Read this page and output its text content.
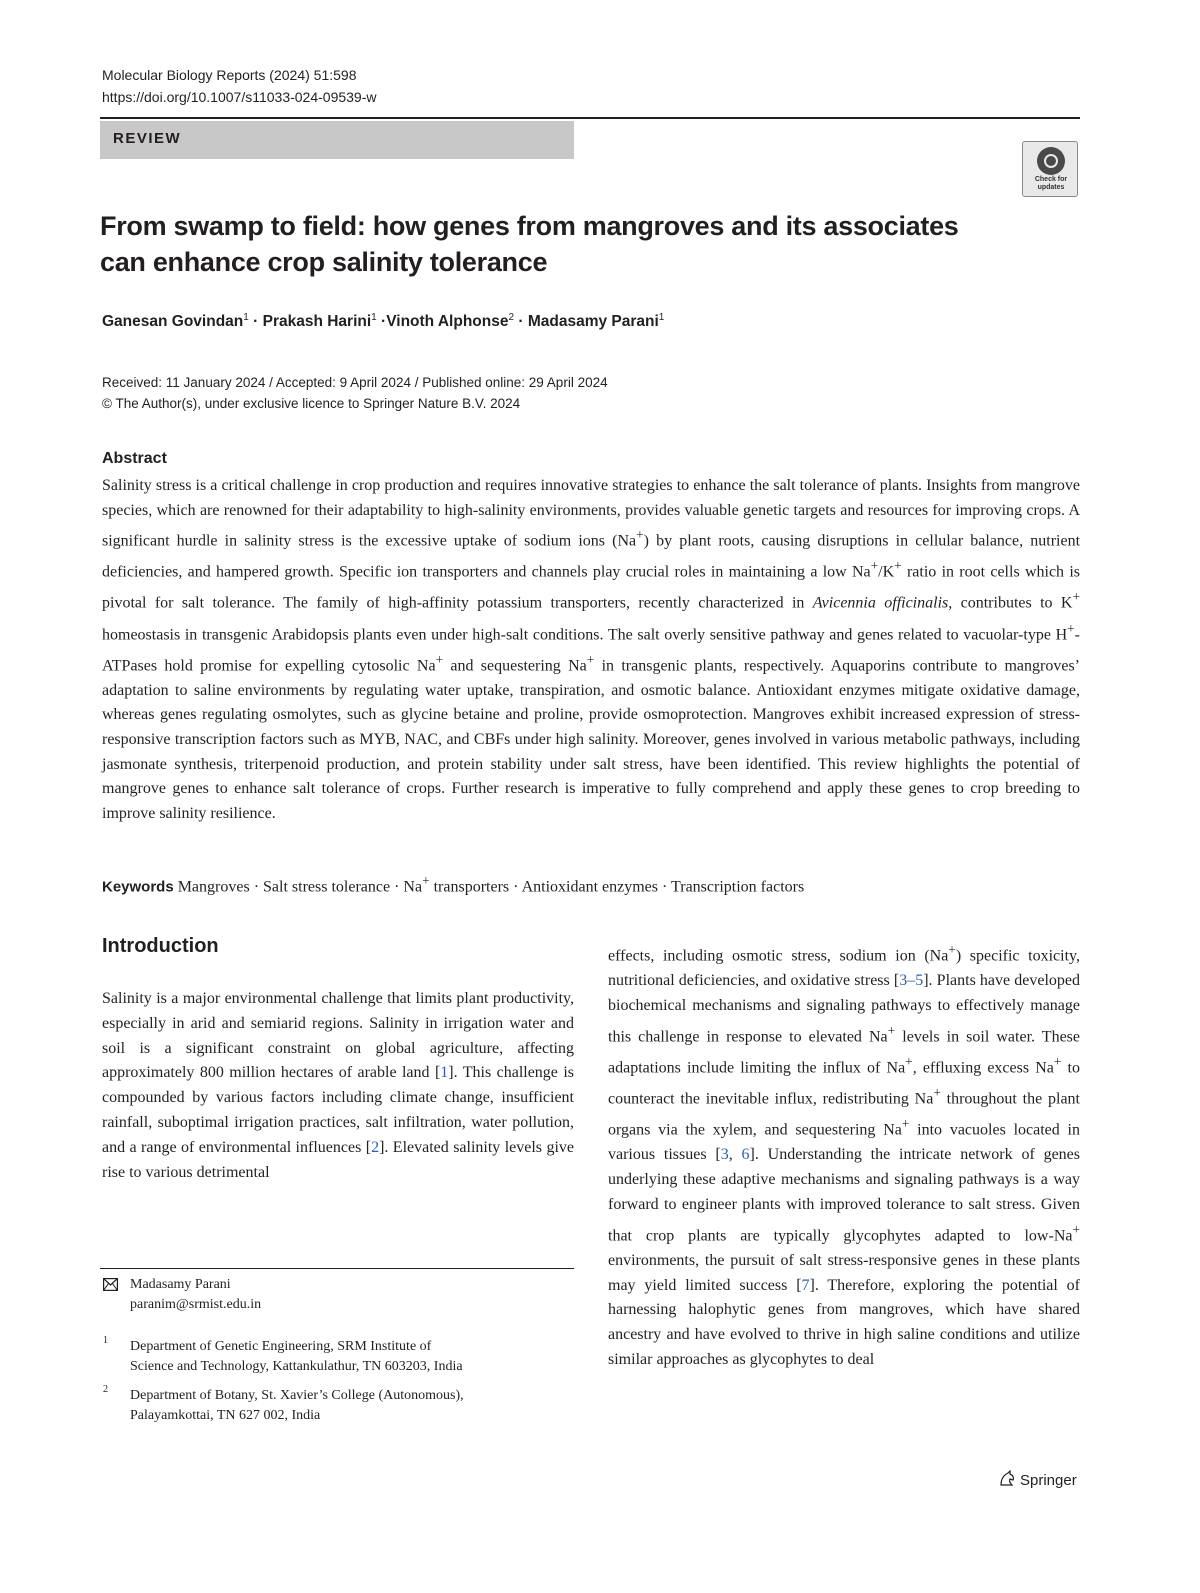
Molecular Biology Reports (2024) 51:598
https://doi.org/10.1007/s11033-024-09539-w
REVIEW
Check for updates
From swamp to field: how genes from mangroves and its associates
can enhance crop salinity tolerance
Ganesan Govindan$^1$ · Prakash Harini$^1$ ·Vinoth Alphonse$^2$ · Madasamy Parani$^1$
Received: 11 January 2024 / Accepted: 9 April 2024 / Published online: 29 April 2024
© The Author(s), under exclusive licence to Springer Nature B.V. 2024
Abstract
Salinity stress is a critical challenge in crop production and requires innovative strategies to enhance the salt tolerance of plants. Insights from mangrove species, which are renowned for their adaptability to high-salinity environments, provides valuable genetic targets and resources for improving crops. A significant hurdle in salinity stress is the excessive uptake of sodium ions (Na+) by plant roots, causing disruptions in cellular balance, nutrient deficiencies, and hampered growth. Specific ion transporters and channels play crucial roles in maintaining a low Na+/K+ ratio in root cells which is pivotal for salt tolerance. The family of high-affinity potassium transporters, recently characterized in Avicennia officinalis, contributes to K+ homeostasis in transgenic Arabidopsis plants even under high-salt conditions. The salt overly sensitive pathway and genes related to vacuolar-type H+-ATPases hold promise for expelling cytosolic Na+ and sequestering Na+ in transgenic plants, respectively. Aquaporins contribute to mangroves’ adaptation to saline environments by regulating water uptake, transpiration, and osmotic balance. Antioxidant enzymes mitigate oxidative damage, whereas genes regulating osmolytes, such as glycine betaine and proline, provide osmoprotection. Mangroves exhibit increased expression of stress-responsive transcription factors such as MYB, NAC, and CBFs under high salinity. Moreover, genes involved in various metabolic pathways, including jasmonate synthesis, triterpenoid production, and protein stability under salt stress, have been identified. This review highlights the potential of mangrove genes to enhance salt tolerance of crops. Further research is imperative to fully comprehend and apply these genes to crop breeding to improve salinity resilience.
Keywords Mangroves · Salt stress tolerance · Na+ transporters · Antioxidant enzymes · Transcription factors
Introduction
Salinity is a major environmental challenge that limits plant productivity, especially in arid and semiarid regions. Salinity in irrigation water and soil is a significant constraint on global agriculture, affecting approximately 800 million hectares of arable land [1]. This challenge is compounded by various factors including climate change, insufficient rainfall, suboptimal irrigation practices, salt infiltration, water pollution, and a range of environmental influences [2]. Elevated salinity levels give rise to various detrimental
effects, including osmotic stress, sodium ion (Na+) specific toxicity, nutritional deficiencies, and oxidative stress [3–5]. Plants have developed biochemical mechanisms and signaling pathways to effectively manage this challenge in response to elevated Na+ levels in soil water. These adaptations include limiting the influx of Na+, effluxing excess Na+ to counteract the inevitable influx, redistributing Na+ throughout the plant organs via the xylem, and sequestering Na+ into vacuoles located in various tissues [3, 6]. Understanding the intricate network of genes underlying these adaptive mechanisms and signaling pathways is a way forward to engineer plants with improved tolerance to salt stress. Given that crop plants are typically glycophytes adapted to low-Na+ environments, the pursuit of salt stress-responsive genes in these plants may yield limited success [7]. Therefore, exploring the potential of harnessing halophytic genes from mangroves, which have shared ancestry and have evolved to thrive in high saline conditions and utilize similar approaches as glycophytes to deal
Madasamy Parani
paranim@srmist.edu.in
1 Department of Genetic Engineering, SRM Institute of
Science and Technology, Kattankulathur, TN 603203, India
2 Department of Botany, St. Xavier’s College (Autonomous),
Palayamkottai, TN 627 002, India
Springer
